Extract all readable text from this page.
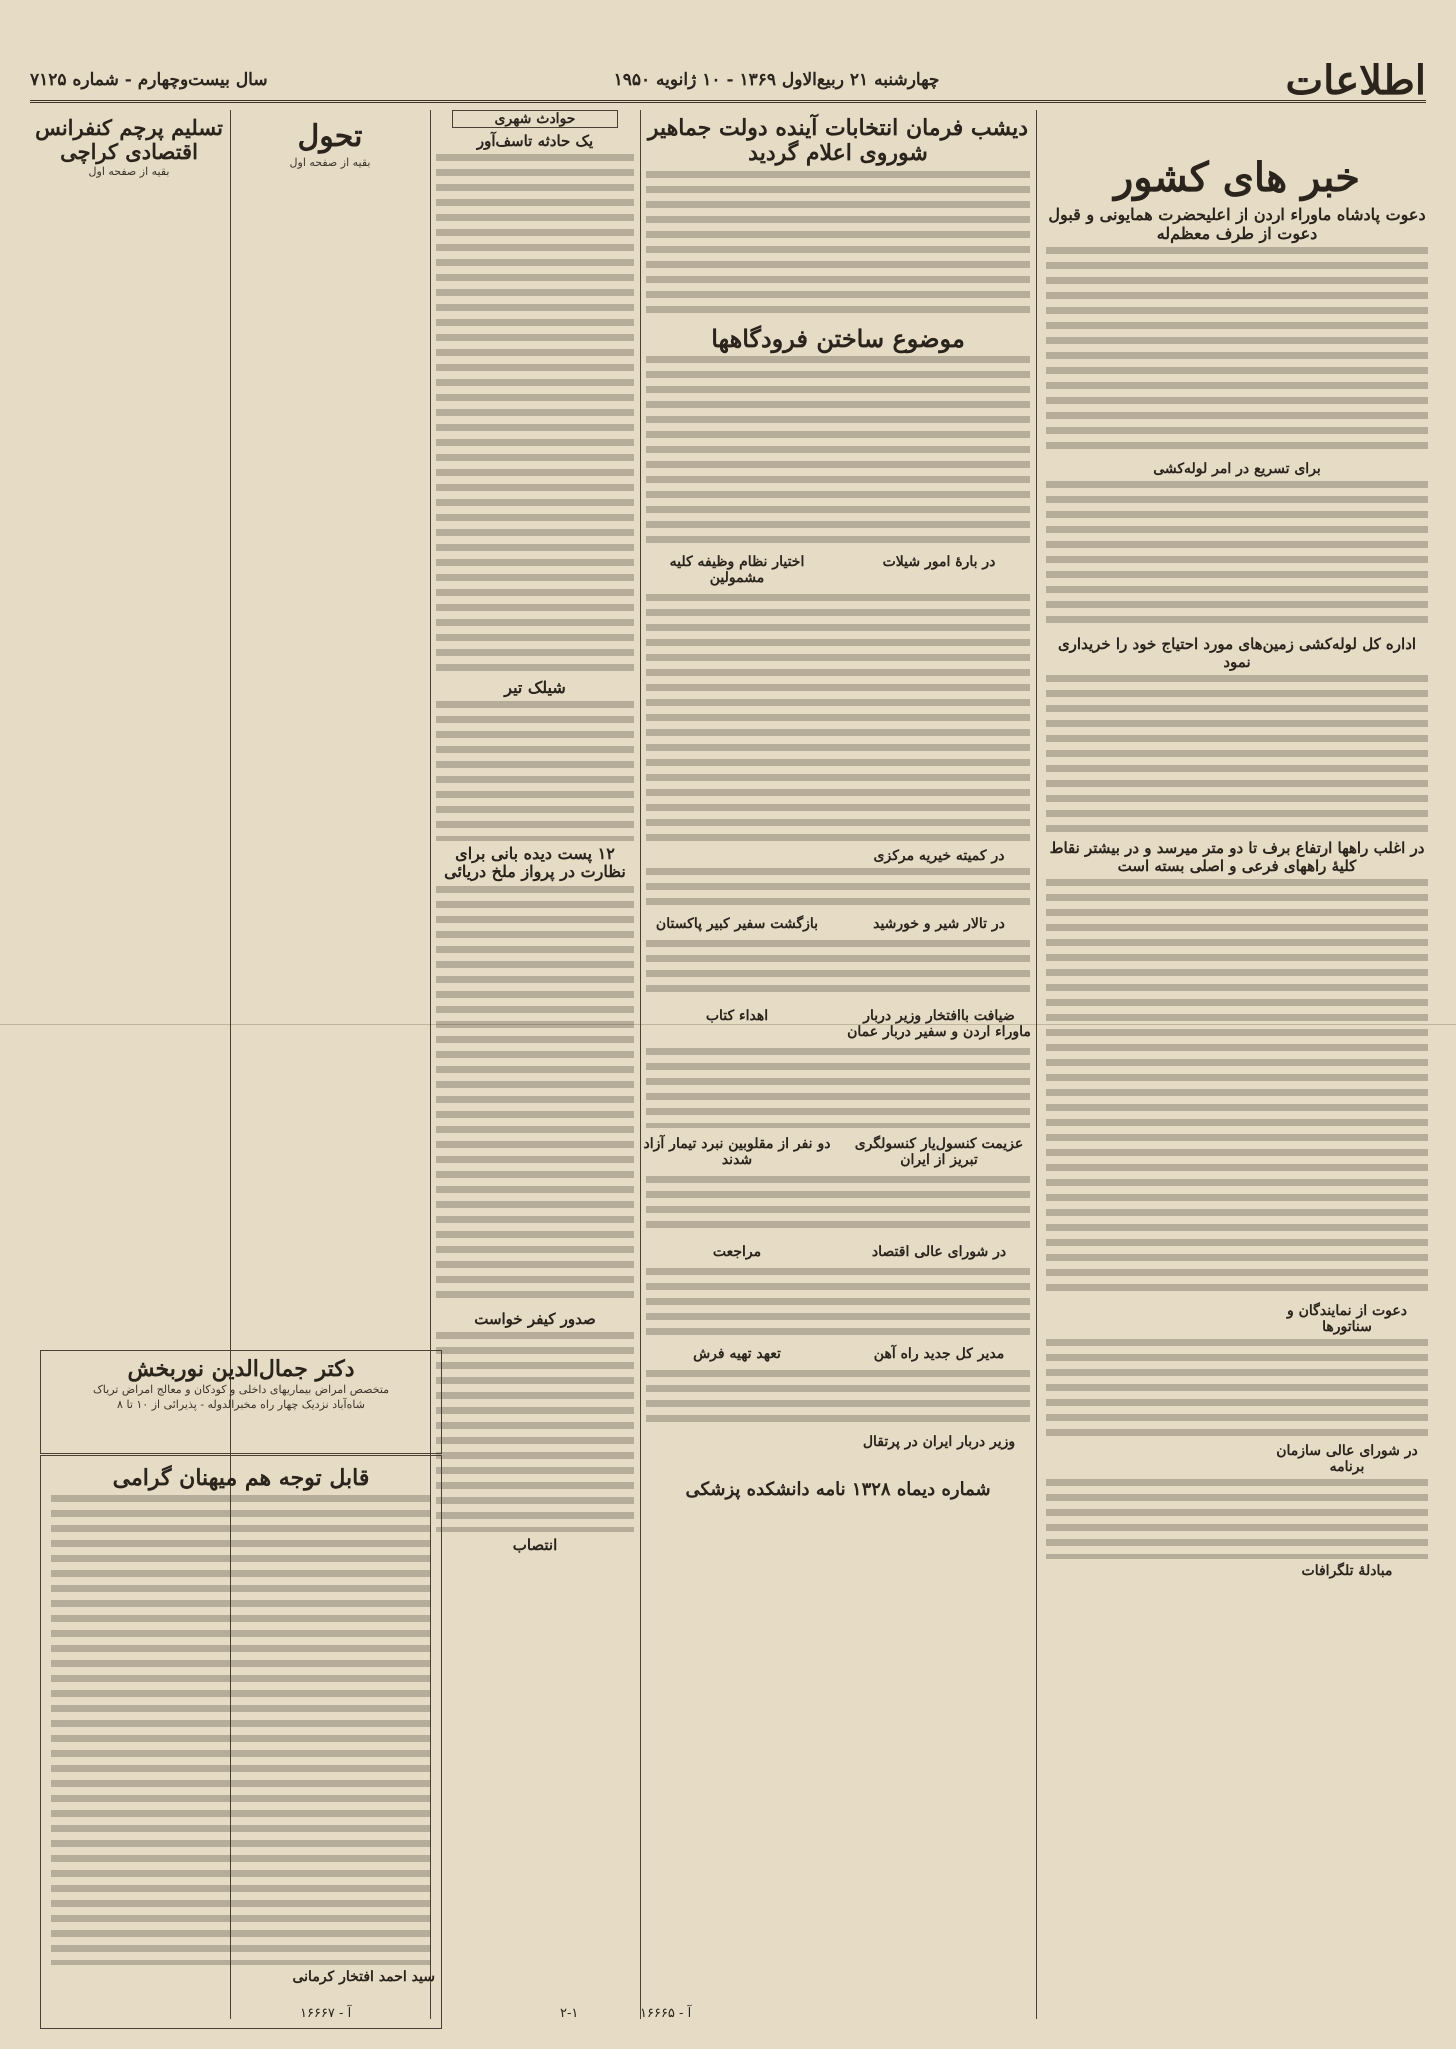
اطلاعات
چهارشنبه ۲۱ ربیع‌الاول ۱۳۶۹ - ۱۰ ژانویه ۱۹۵۰
سال بیست‌وچهارم - شماره ۷۱۲۵
خبر های کشور
دعوت پادشاه ماوراء اردن از اعلیحضرت همایونی و قبول دعوت از طرف معظم‌له
برای تسریع در امر لوله‌کشی
اداره کل لوله‌کشی زمین‌های مورد احتیاج خود را خریداری نمود
در اغلب راهها ارتفاع برف تا دو متر میرسد و در بیشتر نقاط کلیهٔ راههای فرعی و اصلی بسته است
دعوت از نمایندگان و سناتورها
در شورای عالی سازمان برنامه
مبادلهٔ تلگرافات
دیشب فرمان انتخابات آینده دولت جماهیر شوروی اعلام گردید
موضوع ساختن فرودگاهها
در بارهٔ امور شیلات
اختیار نظام وظیفه کلیه مشمولین
در کمیته خیریه مرکزی
در تالار شیر و خورشید
بازگشت سفیر کبیر پاکستان
ضیافت باافتخار وزیر دربار ماوراء اردن و سفیر دربار عمان
اهداء کتاب
عزیمت کنسول‌یار کنسولگری تبریز از ایران
دو نفر از مقلوبین نبرد تیمار آزاد شدند
در شورای عالی اقتصاد
مراجعت
مدیر کل جدید راه آهن
تعهد تهیه فرش
وزیر دربار ایران در پرتقال
شماره دیماه ۱۳۲۸ نامه دانشکده پزشکی
حوادث شهری
یک حادثه تاسف‌آور
شیلک تیر
۱۲ پست دیده بانی برای نظارت در پرواز ملخ دریائی
صدور کیفر خواست
انتصاب
تحول
بقیه از صفحه اول
تسلیم پرچم کنفرانس اقتصادی کراچی
بقیه از صفحه اول
دکتر جمال‌الدین نوربخش
متخصص امراض بیماریهای داخلی و کودکان و معالج امراض تریاک
شاه‌آباد نزدیک چهار راه مخبرالدوله - پذیرائی از ۱۰ تا ۸
قابل توجه هم میهنان گرامی
سید احمد افتخار کرمانی
آ - ۱۶۶۶۷	آ - ۱۶۶۶۵
۲-۱
